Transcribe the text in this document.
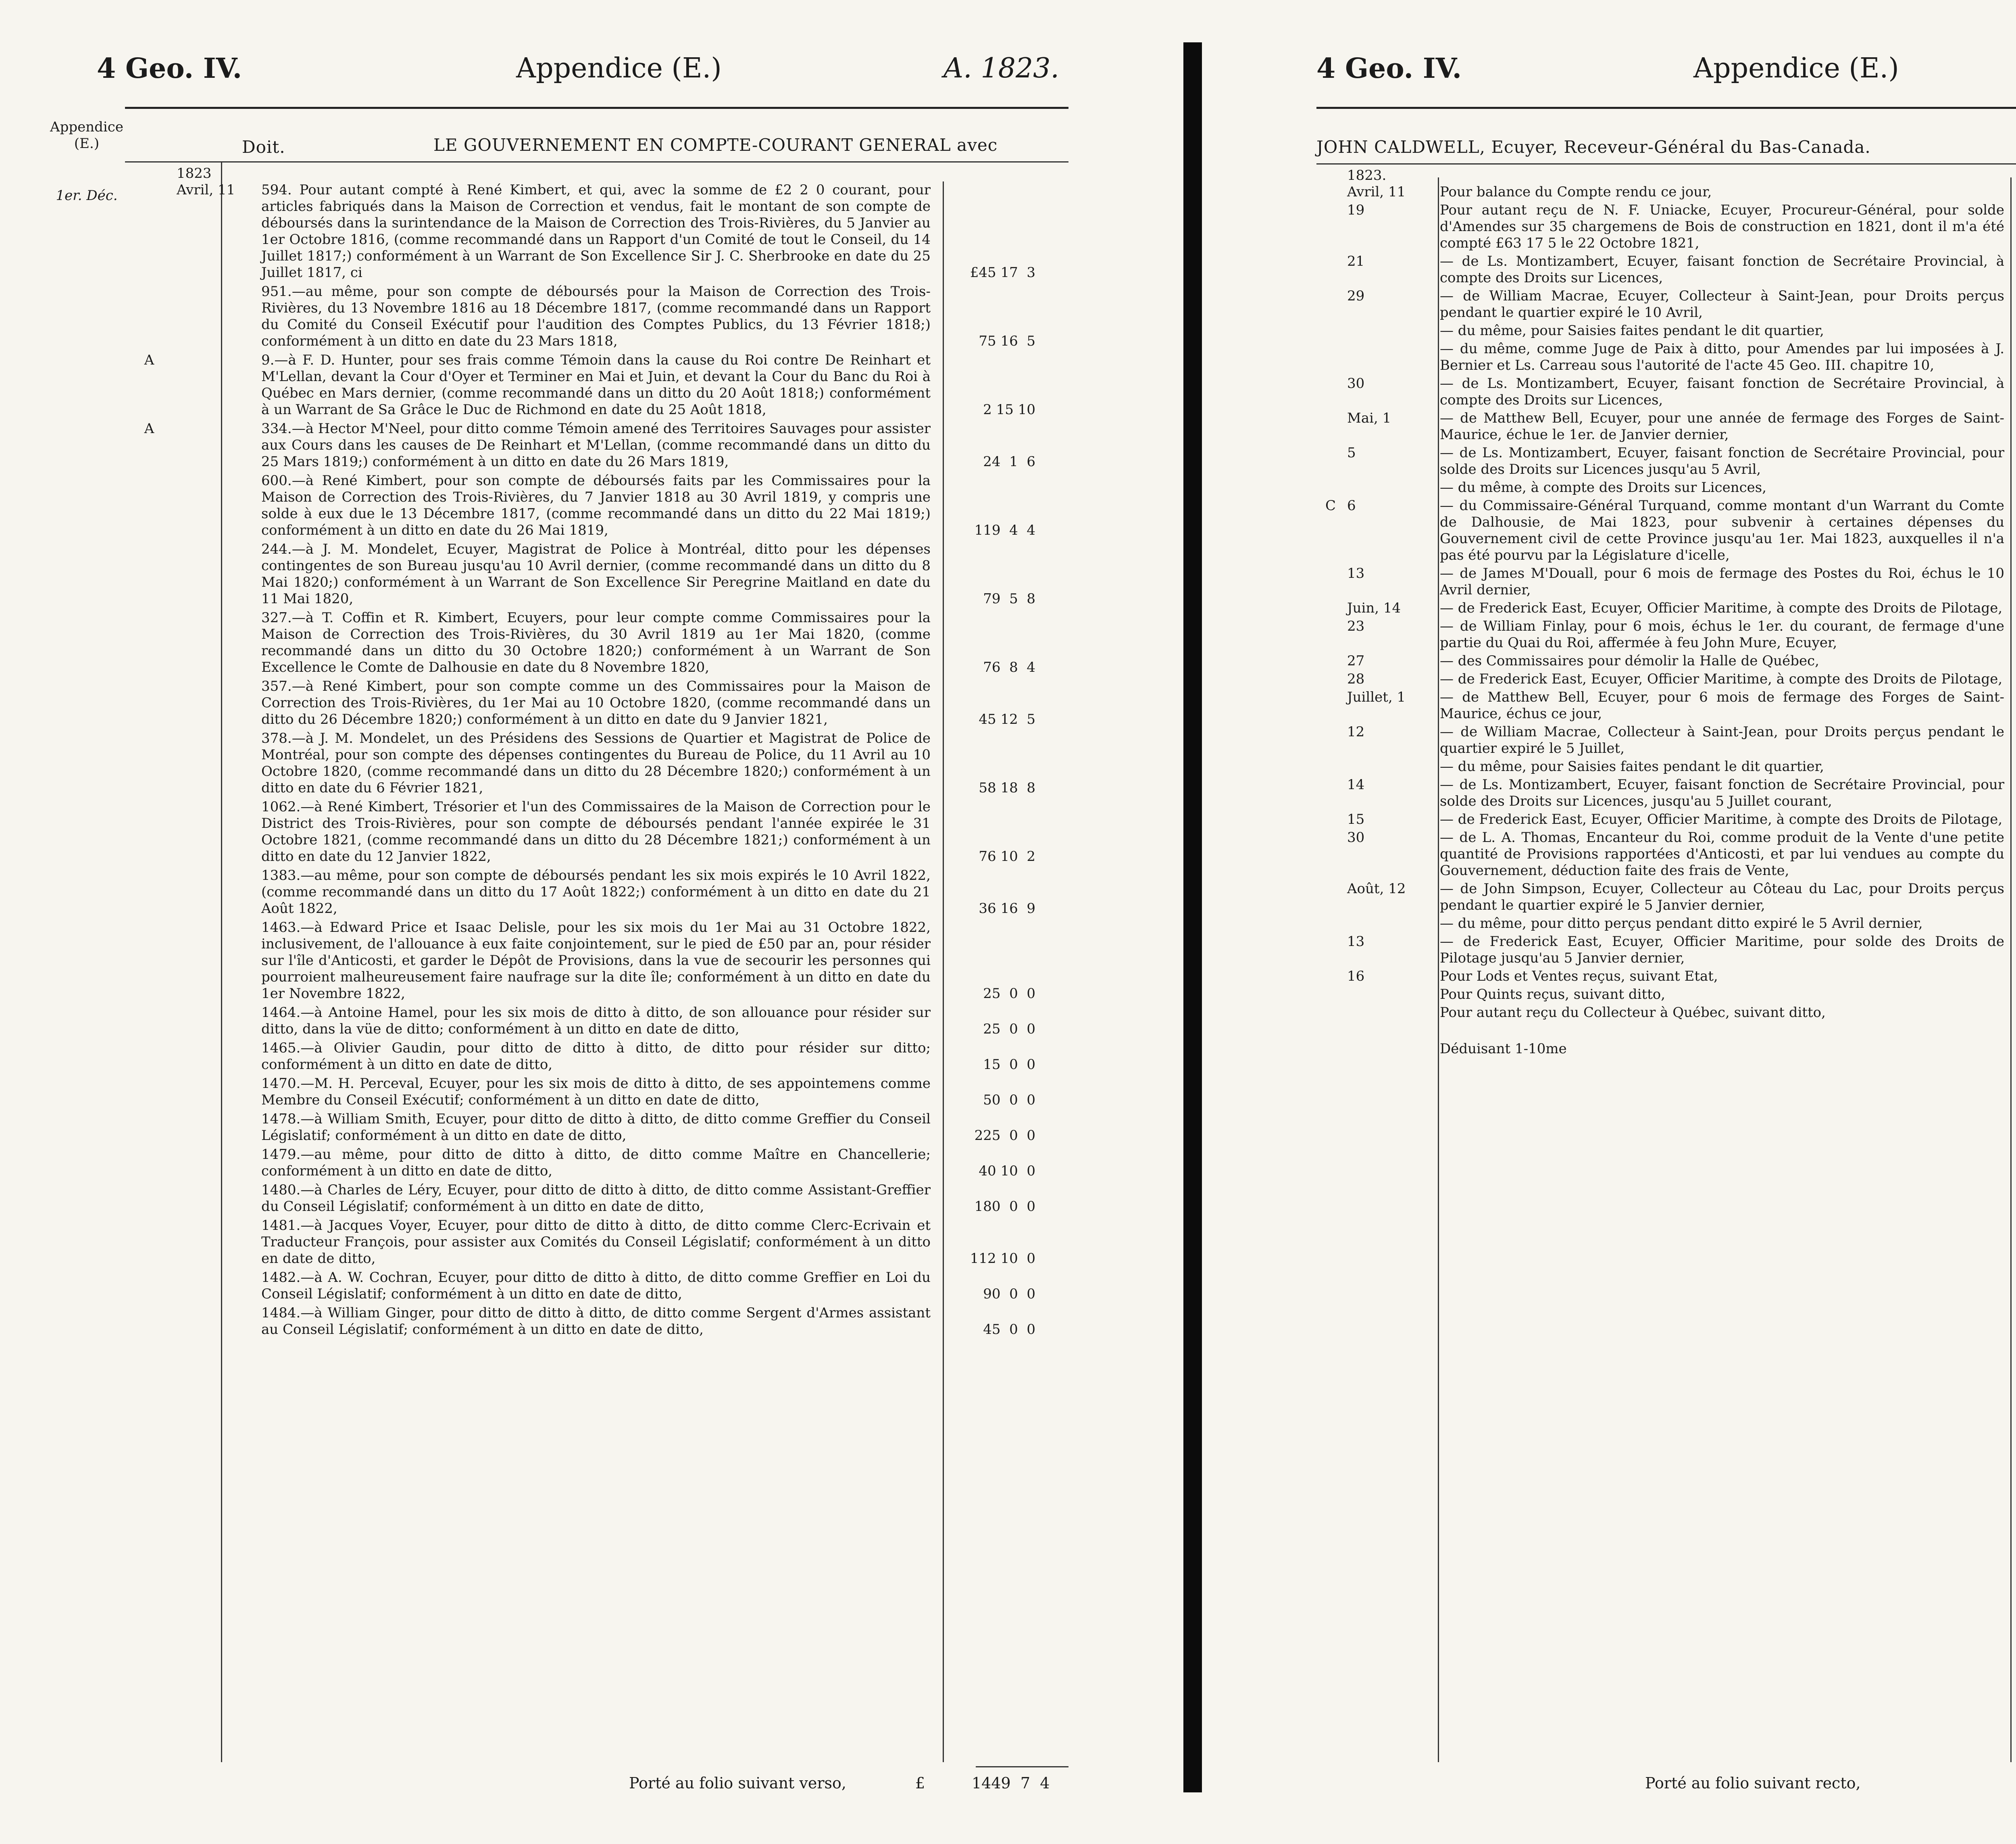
4 Geo. IV.	Appendice (E.)	A. 1823.
Appendice
(E.)
1er. Déc.
Doit.	LE GOUVERNEMENT EN COMPTE-COURANT GENERAL avec
1823
Avril, 11	594. Pour autant compté à René Kimbert, et qui, avec la somme de £2 2 0 courant, pour articles fabriqués dans la Maison de Correction et vendus, fait le montant de son compte de déboursés dans la surintendance de la Maison de Correction des Trois-Rivières, du 5 Janvier au 1er Octobre 1816, (comme recommandé dans un Rapport d'un Comité de tout le Conseil, du 14 Juillet 1817;) conformément à un Warrant de Son Excellence Sir J. C. Sherbrooke en date du 25 Juillet 1817, ci	£45 17  3
951.—au même, pour son compte de déboursés pour la Maison de Correction des Trois-Rivières, du 13 Novembre 1816 au 18 Décembre 1817, (comme recommandé dans un Rapport du Comité du Conseil Exécutif pour l'audition des Comptes Publics, du 13 Février 1818;) conformément à un ditto en date du 23 Mars 1818,	75 16  5
A	9.—à F. D. Hunter, pour ses frais comme Témoin dans la cause du Roi contre De Reinhart et M'Lellan, devant la Cour d'Oyer et Terminer en Mai et Juin, et devant la Cour du Banc du Roi à Québec en Mars dernier, (comme recommandé dans un ditto du 20 Août 1818;) conformément à un Warrant de Sa Grâce le Duc de Richmond en date du 25 Août 1818,	2 15 10
A	334.—à Hector M'Neel, pour ditto comme Témoin amené des Territoires Sauvages pour assister aux Cours dans les causes de De Reinhart et M'Lellan, (comme recommandé dans un ditto du 25 Mars 1819;) conformément à un ditto en date du 26 Mars 1819,	24  1  6
600.—à René Kimbert, pour son compte de déboursés faits par les Commissaires pour la Maison de Correction des Trois-Rivières, du 7 Janvier 1818 au 30 Avril 1819, y compris une solde à eux due le 13 Décembre 1817, (comme recommandé dans un ditto du 22 Mai 1819;) conformément à un ditto en date du 26 Mai 1819,	119  4  4
244.—à J. M. Mondelet, Ecuyer, Magistrat de Police à Montréal, ditto pour les dépenses contingentes de son Bureau jusqu'au 10 Avril dernier, (comme recommandé dans un ditto du 8 Mai 1820;) conformément à un Warrant de Son Excellence Sir Peregrine Maitland en date du 11 Mai 1820,	79  5  8
327.—à T. Coffin et R. Kimbert, Ecuyers, pour leur compte comme Commissaires pour la Maison de Correction des Trois-Rivières, du 30 Avril 1819 au 1er Mai 1820, (comme recommandé dans un ditto du 30 Octobre 1820;) conformément à un Warrant de Son Excellence le Comte de Dalhousie en date du 8 Novembre 1820,	76  8  4
357.—à René Kimbert, pour son compte comme un des Commissaires pour la Maison de Correction des Trois-Rivières, du 1er Mai au 10 Octobre 1820, (comme recommandé dans un ditto du 26 Décembre 1820;) conformément à un ditto en date du 9 Janvier 1821,	45 12  5
378.—à J. M. Mondelet, un des Présidens des Sessions de Quartier et Magistrat de Police de Montréal, pour son compte des dépenses contingentes du Bureau de Police, du 11 Avril au 10 Octobre 1820, (comme recommandé dans un ditto du 28 Décembre 1820;) conformément à un ditto en date du 6 Février 1821,	58 18  8
1062.—à René Kimbert, Trésorier et l'un des Commissaires de la Maison de Correction pour le District des Trois-Rivières, pour son compte de déboursés pendant l'année expirée le 31 Octobre 1821, (comme recommandé dans un ditto du 28 Décembre 1821;) conformément à un ditto en date du 12 Janvier 1822,	76 10  2
1383.—au même, pour son compte de déboursés pendant les six mois expirés le 10 Avril 1822, (comme recommandé dans un ditto du 17 Août 1822;) conformément à un ditto en date du 21 Août 1822,	36 16  9
1463.—à Edward Price et Isaac Delisle, pour les six mois du 1er Mai au 31 Octobre 1822, inclusivement, de l'allouance à eux faite conjointement, sur le pied de £50 par an, pour résider sur l'île d'Anticosti, et garder le Dépôt de Provisions, dans la vue de secourir les personnes qui pourroient malheureusement faire naufrage sur la dite île; conformément à un ditto en date du 1er Novembre 1822,	25  0  0
1464.—à Antoine Hamel, pour les six mois de ditto à ditto, de son allouance pour résider sur ditto, dans la vüe de ditto; conformément à un ditto en date de ditto,	25  0  0
1465.—à Olivier Gaudin, pour ditto de ditto à ditto, de ditto pour résider sur ditto; conformément à un ditto en date de ditto,	15  0  0
1470.—M. H. Perceval, Ecuyer, pour les six mois de ditto à ditto, de ses appointemens comme Membre du Conseil Exécutif; conformément à un ditto en date de ditto,	50  0  0
1478.—à William Smith, Ecuyer, pour ditto de ditto à ditto, de ditto comme Greffier du Conseil Législatif; conformément à un ditto en date de ditto,	225  0  0
1479.—au même, pour ditto de ditto à ditto, de ditto comme Maître en Chancellerie; conformément à un ditto en date de ditto,	40 10  0
1480.—à Charles de Léry, Ecuyer, pour ditto de ditto à ditto, de ditto comme Assistant-Greffier du Conseil Législatif; conformément à un ditto en date de ditto,	180  0  0
1481.—à Jacques Voyer, Ecuyer, pour ditto de ditto à ditto, de ditto comme Clerc-Ecrivain et Traducteur François, pour assister aux Comités du Conseil Législatif; conformément à un ditto en date de ditto,	112 10  0
1482.—à A. W. Cochran, Ecuyer, pour ditto de ditto à ditto, de ditto comme Greffier en Loi du Conseil Législatif; conformément à un ditto en date de ditto,	90  0  0
1484.—à William Ginger, pour ditto de ditto à ditto, de ditto comme Sergent d'Armes assistant au Conseil Législatif; conformément à un ditto en date de ditto,	45  0  0
Porté au folio suivant verso,	£	1449  7  4
4 Geo. IV.	Appendice (E.)
JOHN CALDWELL, Ecuyer, Receveur-Général du Bas-Canada.
1823.
Avril, 11	Pour balance du Compte rendu ce jour,
19	Pour autant reçu de N. F. Uniacke, Ecuyer, Procureur-Général, pour solde d'Amendes sur 35 chargemens de Bois de construction en 1821, dont il m'a été compté £63 17 5 le 22 Octobre 1821,
21	— de Ls. Montizambert, Ecuyer, faisant fonction de Secrétaire Provincial, à compte des Droits sur Licences,
29	— de William Macrae, Ecuyer, Collecteur à Saint-Jean, pour Droits perçus pendant le quartier expiré le 10 Avril,
— du même, pour Saisies faites pendant le dit quartier,
— du même, comme Juge de Paix à ditto, pour Amendes par lui imposées à J. Bernier et Ls. Carreau sous l'autorité de l'acte 45 Geo. III. chapitre 10,
30	— de Ls. Montizambert, Ecuyer, faisant fonction de Secrétaire Provincial, à compte des Droits sur Licences,
Mai, 1	— de Matthew Bell, Ecuyer, pour une année de fermage des Forges de Saint-Maurice, échue le 1er. de Janvier dernier,
5	— de Ls. Montizambert, Ecuyer, faisant fonction de Secrétaire Provincial, pour solde des Droits sur Licences jusqu'au 5 Avril,
— du même, à compte des Droits sur Licences,
C 6	— du Commissaire-Général Turquand, comme montant d'un Warrant du Comte de Dalhousie, de Mai 1823, pour subvenir à certaines dépenses du Gouvernement civil de cette Province jusqu'au 1er. Mai 1823, auxquelles il n'a pas été pourvu par la Législature d'icelle,
13	— de James M'Douall, pour 6 mois de fermage des Postes du Roi, échus le 10 Avril dernier,
Juin, 14	— de Frederick East, Ecuyer, Officier Maritime, à compte des Droits de Pilotage,
23	— de William Finlay, pour 6 mois, échus le 1er. du courant, de fermage d'une partie du Quai du Roi, affermée à feu John Mure, Ecuyer,
27	— des Commissaires pour démolir la Halle de Québec,
28	— de Frederick East, Ecuyer, Officier Maritime, à compte des Droits de Pilotage,
Juillet, 1	— de Matthew Bell, Ecuyer, pour 6 mois de fermage des Forges de Saint-Maurice, échus ce jour,
12	— de William Macrae, Collecteur à Saint-Jean, pour Droits perçus pendant le quartier expiré le 5 Juillet,
— du même, pour Saisies faites pendant le dit quartier,
14	— de Ls. Montizambert, Ecuyer, faisant fonction de Secrétaire Provincial, pour solde des Droits sur Licences, jusqu'au 5 Juillet courant,
15	— de Frederick East, Ecuyer, Officier Maritime, à compte des Droits de Pilotage,
30	— de L. A. Thomas, Encanteur du Roi, comme produit de la Vente d'une petite quantité de Provisions rapportées d'Anticosti, et par lui vendues au compte du Gouvernement, déduction faite des frais de Vente,
Août, 12	— de John Simpson, Ecuyer, Collecteur au Côteau du Lac, pour Droits perçus pendant le quartier expiré le 5 Janvier dernier,
— du même, pour ditto perçus pendant ditto expiré le 5 Avril dernier,
13	— de Frederick East, Ecuyer, Officier Maritime, pour solde des Droits de Pilotage jusqu'au 5 Janvier dernier,
16	Pour Lods et Ventes reçus, suivant Etat,
Pour Quints reçus, suivant ditto,
Pour autant reçu du Collecteur à Québec, suivant ditto,
Déduisant 1-10me
Porté au folio suivant recto,
